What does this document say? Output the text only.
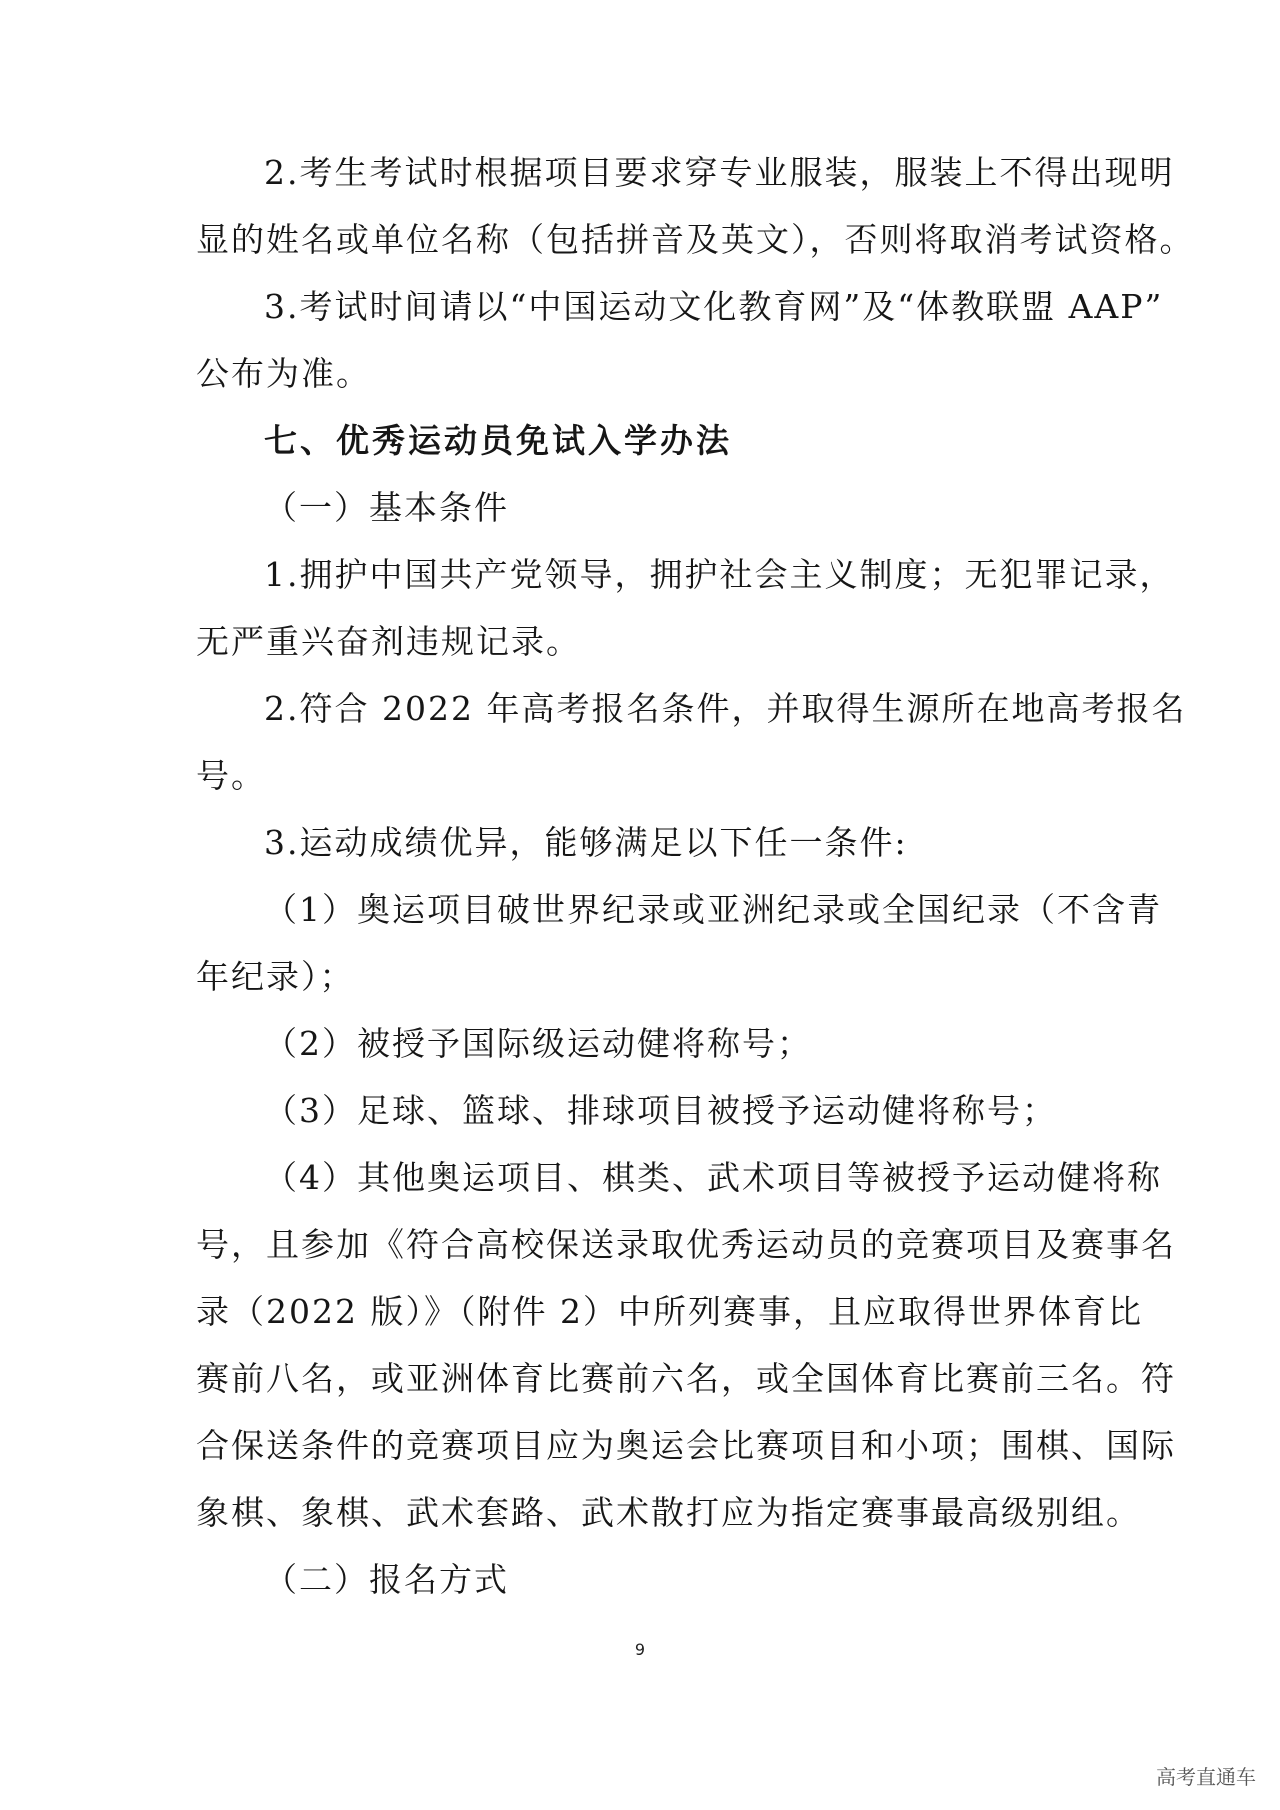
2.考生考试时根据项目要求穿专业服装，服装上不得出现明

显的姓名或单位名称（包括拼音及英文），否则将取消考试资格。

3.考试时间请以“中国运动文化教育网”及“体教联盟 AAP”

公布为准。

七、优秀运动员免试入学办法

（一）基本条件

1.拥护中国共产党领导，拥护社会主义制度；无犯罪记录，

无严重兴奋剂违规记录。

2.符合 2022 年高考报名条件，并取得生源所在地高考报名

号。

3.运动成绩优异，能够满足以下任一条件:

（1）奥运项目破世界纪录或亚洲纪录或全国纪录（不含青

年纪录）；

（2）被授予国际级运动健将称号；

（3）足球、篮球、排球项目被授予运动健将称号；

（4）其他奥运项目、棋类、武术项目等被授予运动健将称

号，且参加《符合高校保送录取优秀运动员的竞赛项目及赛事名

录（2022 版）》（附件 2）中所列赛事，且应取得世界体育比

赛前八名，或亚洲体育比赛前六名，或全国体育比赛前三名。符

合保送条件的竞赛项目应为奥运会比赛项目和小项；围棋、国际

象棋、象棋、武术套路、武术散打应为指定赛事最高级别组。

（二）报名方式

9

高考直通车
